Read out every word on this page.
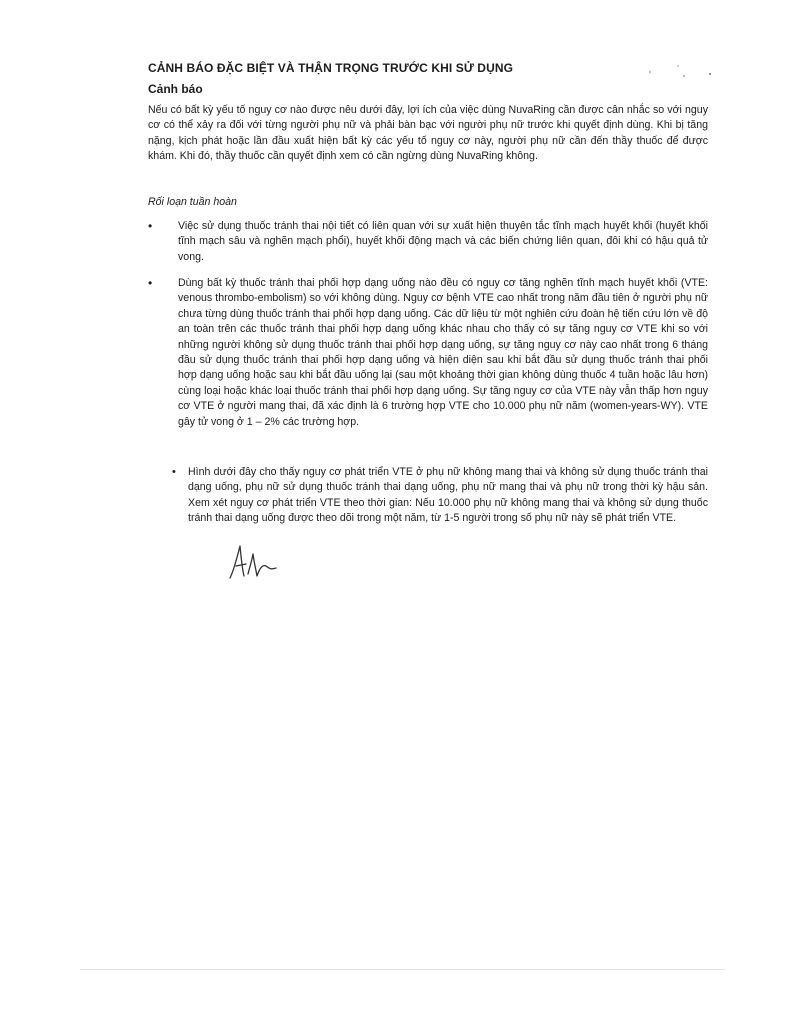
CẢNH BÁO ĐẶC BIỆT VÀ THẬN TRỌNG TRƯỚC KHI SỬ DỤNG
Cảnh báo
Nếu có bất kỳ yếu tố nguy cơ nào được nêu dưới đây, lợi ích của việc dùng NuvaRing cần được cân nhắc so với nguy cơ có thể xảy ra đối với từng người phụ nữ và phải bàn bạc với người phụ nữ trước khi quyết định dùng. Khi bị tăng nặng, kịch phát hoặc lần đầu xuất hiện bất kỳ các yếu tố nguy cơ này, người phụ nữ cần đến thầy thuốc để được khám. Khi đó, thầy thuốc cần quyết định xem có cần ngừng dùng NuvaRing không.
Rối loạn tuần hoàn
• Việc sử dụng thuốc tránh thai nội tiết có liên quan với sự xuất hiện thuyên tắc tĩnh mạch huyết khối (huyết khối tĩnh mạch sâu và nghẽn mạch phổi), huyết khối động mạch và các biến chứng liên quan, đôi khi có hậu quả tử vong.
• Dùng bất kỳ thuốc tránh thai phối hợp dạng uống nào đều có nguy cơ tăng nghẽn tĩnh mạch huyết khối (VTE: venous thrombo-embolism) so với không dùng. Nguy cơ bệnh VTE cao nhất trong năm đầu tiên ở người phụ nữ chưa từng dùng thuốc tránh thai phối hợp dạng uống. Các dữ liệu từ một nghiên cứu đoàn hệ tiến cứu lớn về độ an toàn trên các thuốc tránh thai phối hợp dạng uống khác nhau cho thấy có sự tăng nguy cơ VTE khi so với những người không sử dụng thuốc tránh thai phối hợp dạng uống, sự tăng nguy cơ này cao nhất trong 6 tháng đầu sử dụng thuốc tránh thai phối hợp dạng uống và hiện diện sau khi bắt đầu sử dụng thuốc tránh thai phối hợp dạng uống hoặc sau khi bắt đầu uống lại (sau một khoảng thời gian không dùng thuốc 4 tuần hoặc lâu hơn) cùng loại hoặc khác loại thuốc tránh thai phối hợp dạng uống. Sự tăng nguy cơ của VTE này vẫn thấp hơn nguy cơ VTE ở người mang thai, đã xác định là 6 trường hợp VTE cho 10.000 phụ nữ năm (women-years-WY). VTE gây tử vong ở 1 – 2% các trường hợp.
• Hình dưới đây cho thấy nguy cơ phát triển VTE ở phụ nữ không mang thai và không sử dụng thuốc tránh thai dạng uống, phụ nữ sử dụng thuốc tránh thai dạng uống, phụ nữ mang thai và phụ nữ trong thời kỳ hậu sản. Xem xét nguy cơ phát triển VTE theo thời gian: Nếu 10.000 phụ nữ không mang thai và không sử dụng thuốc tránh thai dạng uống được theo dõi trong một năm, từ 1-5 người trong số phụ nữ này sẽ phát triển VTE.
